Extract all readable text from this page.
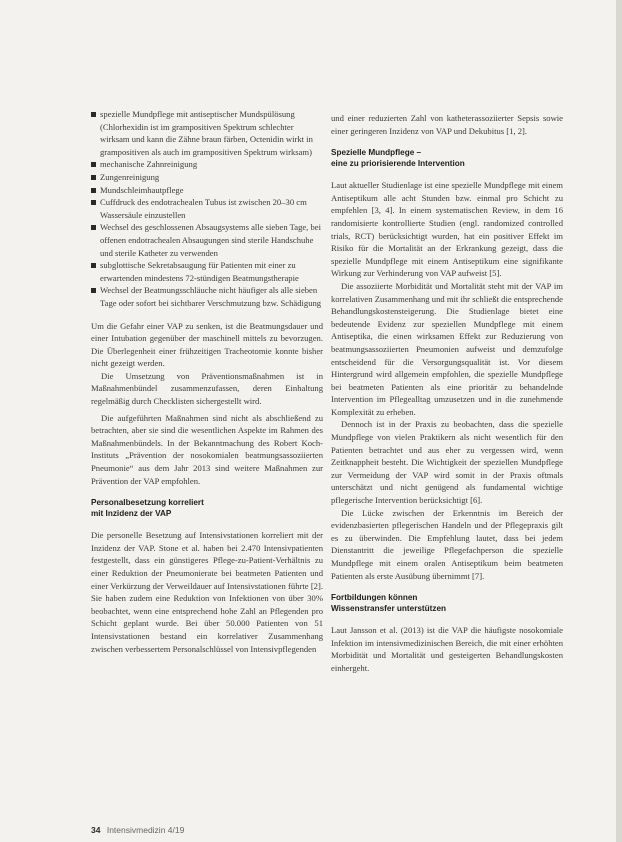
spezielle Mundpflege mit antiseptischer Mundspülösung (Chlorhexidin ist im grampositiven Spektrum schlechter wirksam und kann die Zähne braun färben, Octenidin wirkt in grampositiven als auch im grampositiven Spektrum wirksam)
mechanische Zahnreinigung
Zungenreinigung
Mundschleimhautpflege
Cuffdruck des endotrachealen Tubus ist zwischen 20–30 cm Wassersäule einzustellen
Wechsel des geschlossenen Absaugsystems alle sieben Tage, bei offenen endotrachealen Absaugungen sind sterile Handschuhe und sterile Katheter zu verwenden
subglottische Sekretabsaugung für Patienten mit einer zu erwartenden mindestens 72-stündigen Beatmungstherapie
Wechsel der Beatmungsschläuche nicht häufiger als alle sieben Tage oder sofort bei sichtbarer Verschmutzung bzw. Schädigung

Um die Gefahr einer VAP zu senken, ist die Beatmungsdauer und einer Intubation gegenüber der maschinell mittels zu bevorzugen. Die Überlegenheit einer frühzeitigen Tracheotomie konnte bisher nicht gezeigt werden.

Die Umsetzung von Präventionsmaßnahmen ist in Maßnahmenbündel zusammenzufassen, deren Einhaltung regelmäßig durch Checklisten sichergestellt wird.

Die aufgeführten Maßnahmen sind nicht als abschließend zu betrachten, aber sie sind die wesentlichen Aspekte im Rahmen des Maßnahmenbündels. In der Bekanntmachung des Robert Koch-Instituts „Prävention der nosokomialen beatmungsassoziierten Pneumonie“ aus dem Jahr 2013 sind weitere Maßnahmen zur Prävention der VAP empfohlen.

Personalbesetzung korreliert
mit Inzidenz der VAP

Die personelle Besetzung auf Intensivstationen korreliert mit der Inzidenz der VAP. Stone et al. haben bei 2.470 Intensivpatienten festgestellt, dass ein günstigeres Pflege-zu-Patient-Verhältnis zu einer Reduktion der Pneumonierate bei beatmeten Patienten und einer Verkürzung der Verweildauer auf Intensivstationen führte [2]. Sie haben zudem eine Reduktion von Infektionen von über 30% beobachtet, wenn eine entsprechend hohe Zahl an Pflegenden pro Schicht geplant wurde. Bei über 50.000 Patienten von 51 Intensivstationen bestand ein korrelativer Zusammenhang zwischen verbessertem Personalschlüssel von Intensivpflegenden

und einer reduzierten Zahl von katheterassoziierter Sepsis sowie einer geringeren Inzidenz von VAP und Dekubitus [1, 2].

Spezielle Mundpflege –
eine zu priorisierende Intervention

Laut aktueller Studienlage ist eine spezielle Mundpflege mit einem Antiseptikum alle acht Stunden bzw. einmal pro Schicht zu empfehlen [3, 4]. In einem systematischen Review, in dem 16 randomisierte kontrollierte Studien (engl. randomized controlled trials, RCT) berücksichtigt wurden, hat ein positiver Effekt im Risiko für die Mortalität an der Erkrankung gezeigt, dass die spezielle Mundpflege mit einem Antiseptikum eine signifikante Wirkung zur Verhinderung von VAP aufweist [5].

Die assoziierte Morbidität und Mortalität steht mit der VAP im korrelativen Zusammenhang und mit ihr schließt die entsprechende Behandlungskostensteigerung. Die Studienlage bietet eine bedeutende Evidenz zur speziellen Mundpflege mit einem Antiseptika, die einen wirksamen Effekt zur Reduzierung von beatmungsassoziierten Pneumonien aufweist und demzufolge entscheidend für die Versorgungsqualität ist. Vor diesem Hintergrund wird allgemein empfohlen, die spezielle Mundpflege bei beatmeten Patienten als eine prioritär zu behandelnde Intervention im Pflegealltag umzusetzen und in die zunehmende Komplexität zu erheben.

Dennoch ist in der Praxis zu beobachten, dass die spezielle Mundpflege von vielen Praktikern als nicht wesentlich für den Patienten betrachtet und aus eher zu vergessen wird, wenn Zeitknappheit besteht. Die Wichtigkeit der speziellen Mundpflege zur Vermeidung der VAP wird somit in der Praxis oftmals unterschätzt und nicht genügend als fundamental wichtige pflegerische Intervention berücksichtigt [6].

Die Lücke zwischen der Erkenntnis im Bereich der evidenzbasierten pflegerischen Handeln und der Pflegepraxis gilt es zu überwinden. Die Empfehlung lautet, dass bei jedem Dienstantritt die jeweilige Pflegefachperson die spezielle Mundpflege mit einem oralen Antiseptikum beim beatmeten Patienten als erste Ausübung übernimmt [7].

Fortbildungen können
Wissenstransfer unterstützen

Laut Jansson et al. (2013) ist die VAP die häufigste nosokomiale Infektion im intensivmedizinischen Bereich, die mit einer erhöhten Morbidität und Mortalität und gesteigerten Behandlungskosten einhergeht.

34 Intensivmedizin 4/19
